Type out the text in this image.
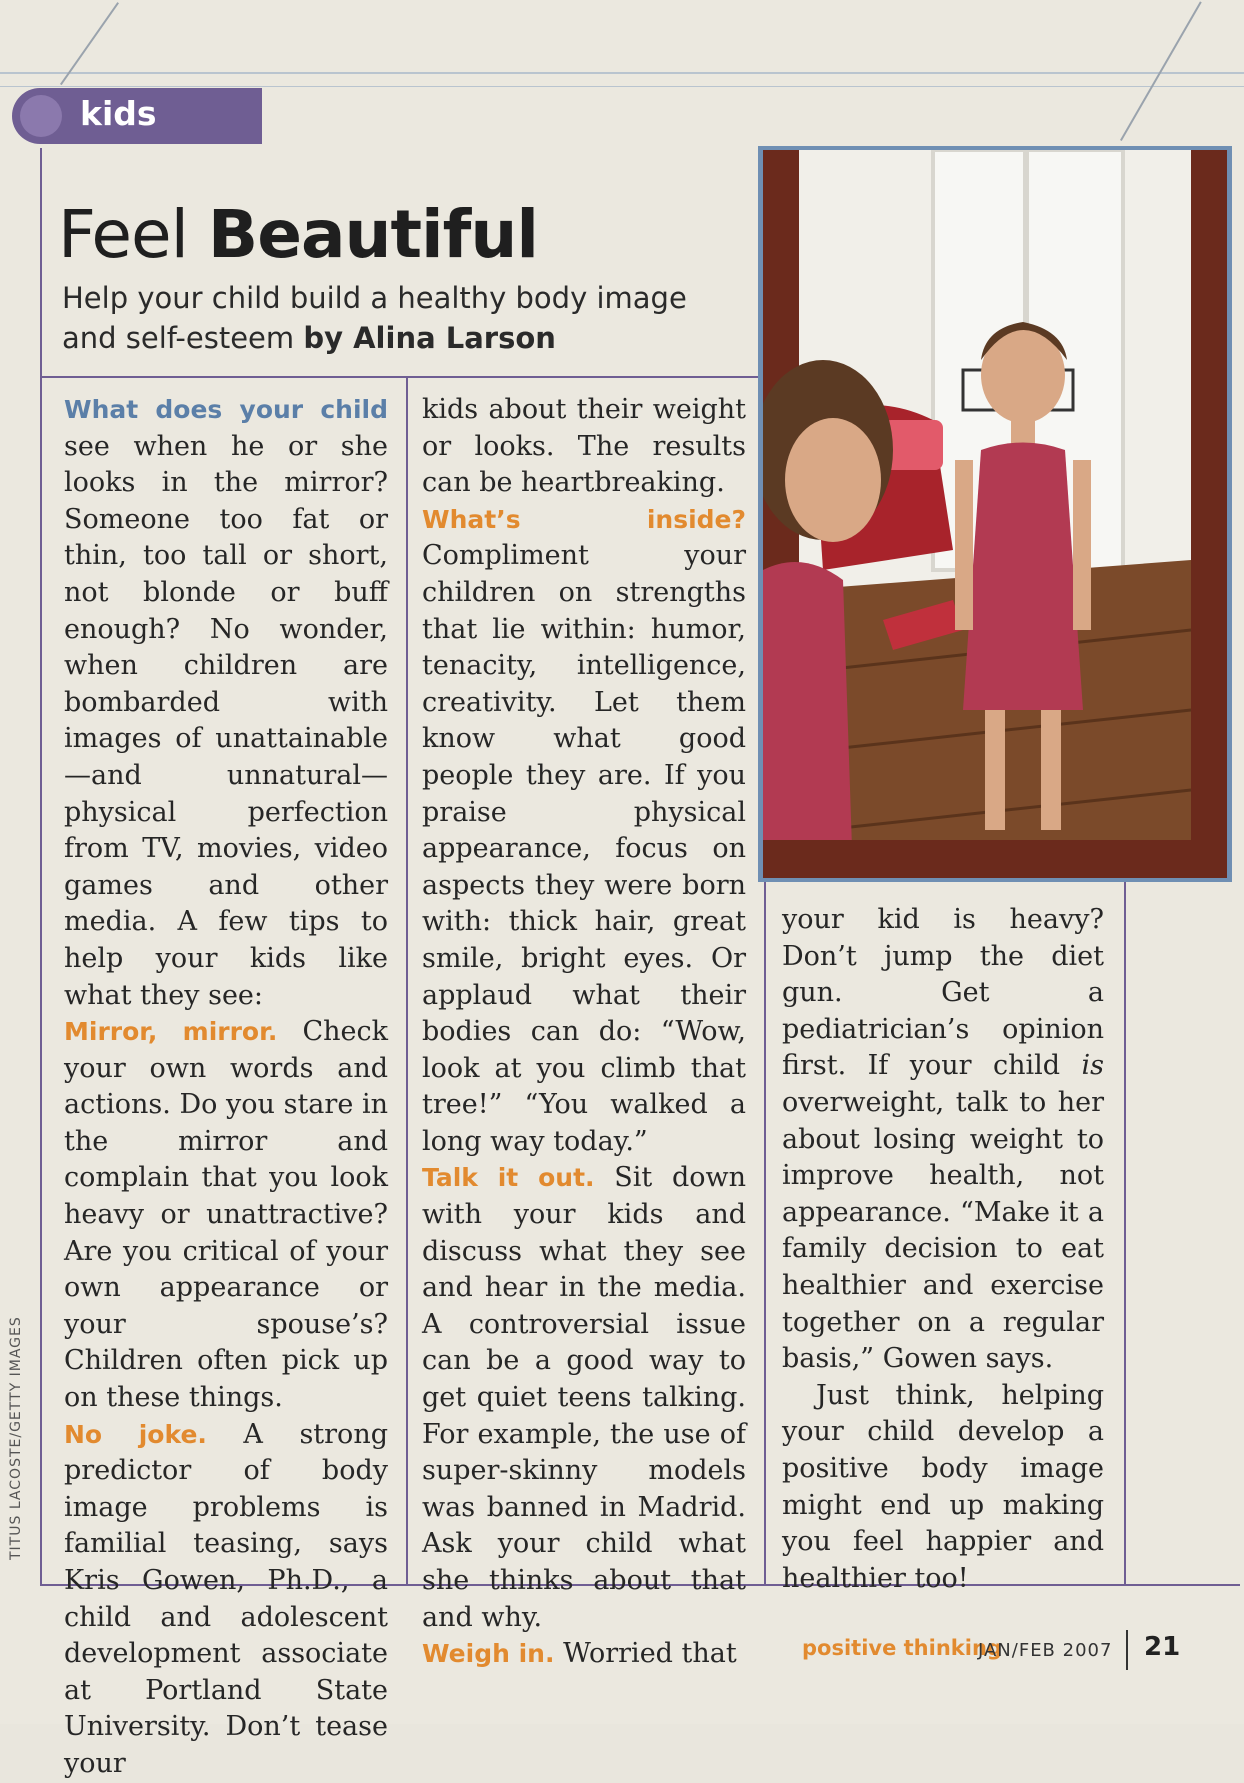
kids
Feel Beautiful
Help your child build a healthy body image and self-esteem by Alina Larson

What does your child see when he or she looks in the mirror? Someone too fat or thin, too tall or short, not blonde or buff enough? No wonder, when children are bombarded with images of unattainable—and unnatural—physical perfection from TV, movies, video games and other media. A few tips to help your kids like what they see:

Mirror, mirror. Check your own words and actions. Do you stare in the mirror and complain that you look heavy or unattractive? Are you critical of your own appearance or your spouse’s? Children often pick up on these things.

No joke. A strong predictor of body image problems is familial teasing, says Kris Gowen, Ph.D., a child and adolescent development associate at Portland State University. Don’t tease your

kids about their weight or looks. The results can be heartbreaking.

What’s inside? Compliment your children on strengths that lie within: humor, tenacity, intelligence, creativity. Let them know what good people they are. If you praise physical appearance, focus on aspects they were born with: thick hair, great smile, bright eyes. Or applaud what their bodies can do: “Wow, look at you climb that tree!” “You walked a long way today.”

Talk it out. Sit down with your kids and discuss what they see and hear in the media. A controversial issue can be a good way to get quiet teens talking. For example, the use of super-skinny models was banned in Madrid. Ask your child what she thinks about that and why.

Weigh in. Worried that

your kid is heavy? Don’t jump the diet gun. Get a pediatrician’s opinion first. If your child is overweight, talk to her about losing weight to improve health, not appearance. “Make it a family decision to eat healthier and exercise together on a regular basis,” Gowen says.

Just think, helping your child develop a positive body image might end up making you feel happier and healthier too!

TITUS LACOSTE/GETTY IMAGES
positive thinking
JAN/FEB 2007 21
